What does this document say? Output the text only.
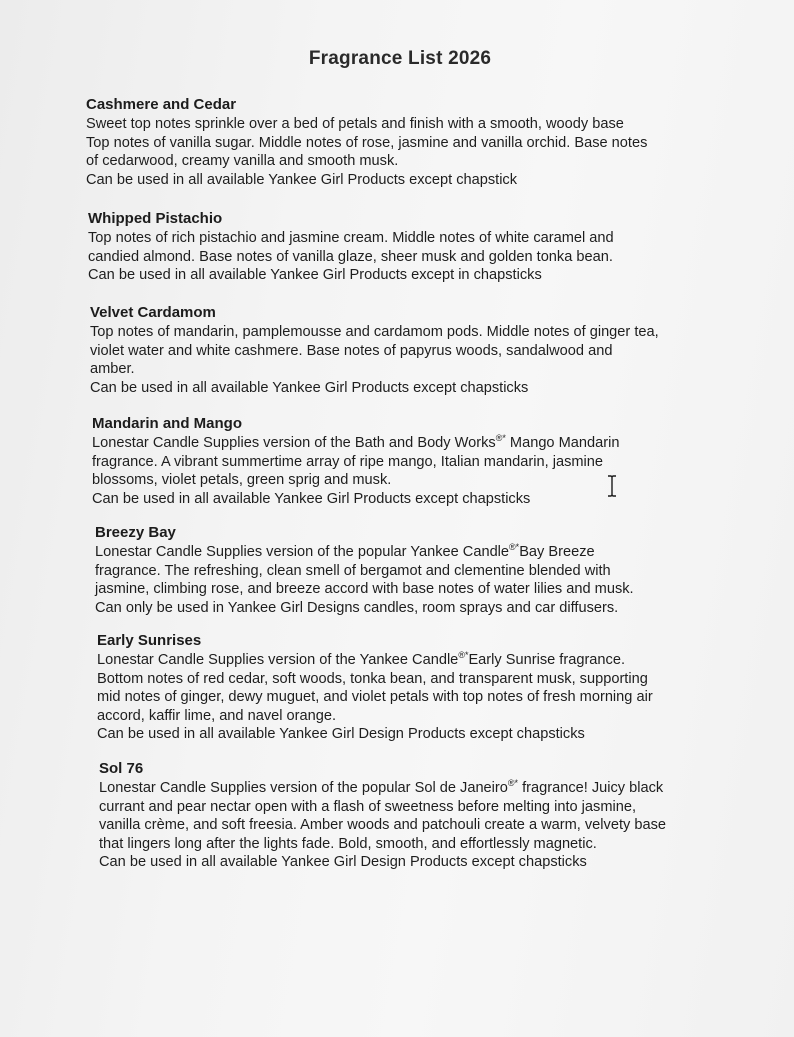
Fragrance List 2026
Cashmere and Cedar
Sweet top notes sprinkle over a bed of petals and finish with a smooth, woody base
Top notes of vanilla sugar. Middle notes of rose, jasmine and vanilla orchid. Base notes
of cedarwood, creamy vanilla and smooth musk.
Can be used in all available Yankee Girl Products except chapstick
Whipped Pistachio
Top notes of rich pistachio and jasmine cream. Middle notes of white caramel and
candied almond. Base notes of vanilla glaze, sheer musk and golden tonka bean.
Can be used in all available Yankee Girl Products except in chapsticks
Velvet Cardamom
Top notes of mandarin, pamplemousse and cardamom pods. Middle notes of ginger tea,
violet water and white cashmere. Base notes of papyrus woods, sandalwood and
amber.
Can be used in all available Yankee Girl Products except chapsticks
Mandarin and Mango
Lonestar Candle Supplies version of the Bath and Body Works®* Mango Mandarin
fragrance. A vibrant summertime array of ripe mango, Italian mandarin, jasmine
blossoms, violet petals, green sprig and musk.
Can be used in all available Yankee Girl Products except chapsticks
Breezy Bay
Lonestar Candle Supplies version of the popular Yankee Candle®*Bay Breeze
fragrance. The refreshing, clean smell of bergamot and clementine blended with
jasmine, climbing rose, and breeze accord with base notes of water lilies and musk.
Can only be used in Yankee Girl Designs candles, room sprays and car diffusers.
Early Sunrises
Lonestar Candle Supplies version of the Yankee Candle®*Early Sunrise fragrance.
Bottom notes of red cedar, soft woods, tonka bean, and transparent musk, supporting
mid notes of ginger, dewy muguet, and violet petals with top notes of fresh morning air
accord, kaffir lime, and navel orange.
Can be used in all available Yankee Girl Design Products except chapsticks
Sol 76
Lonestar Candle Supplies version of the popular Sol de Janeiro®* fragrance! Juicy black
currant and pear nectar open with a flash of sweetness before melting into jasmine,
vanilla crème, and soft freesia. Amber woods and patchouli create a warm, velvety base
that lingers long after the lights fade. Bold, smooth, and effortlessly magnetic.
Can be used in all available Yankee Girl Design Products except chapsticks
